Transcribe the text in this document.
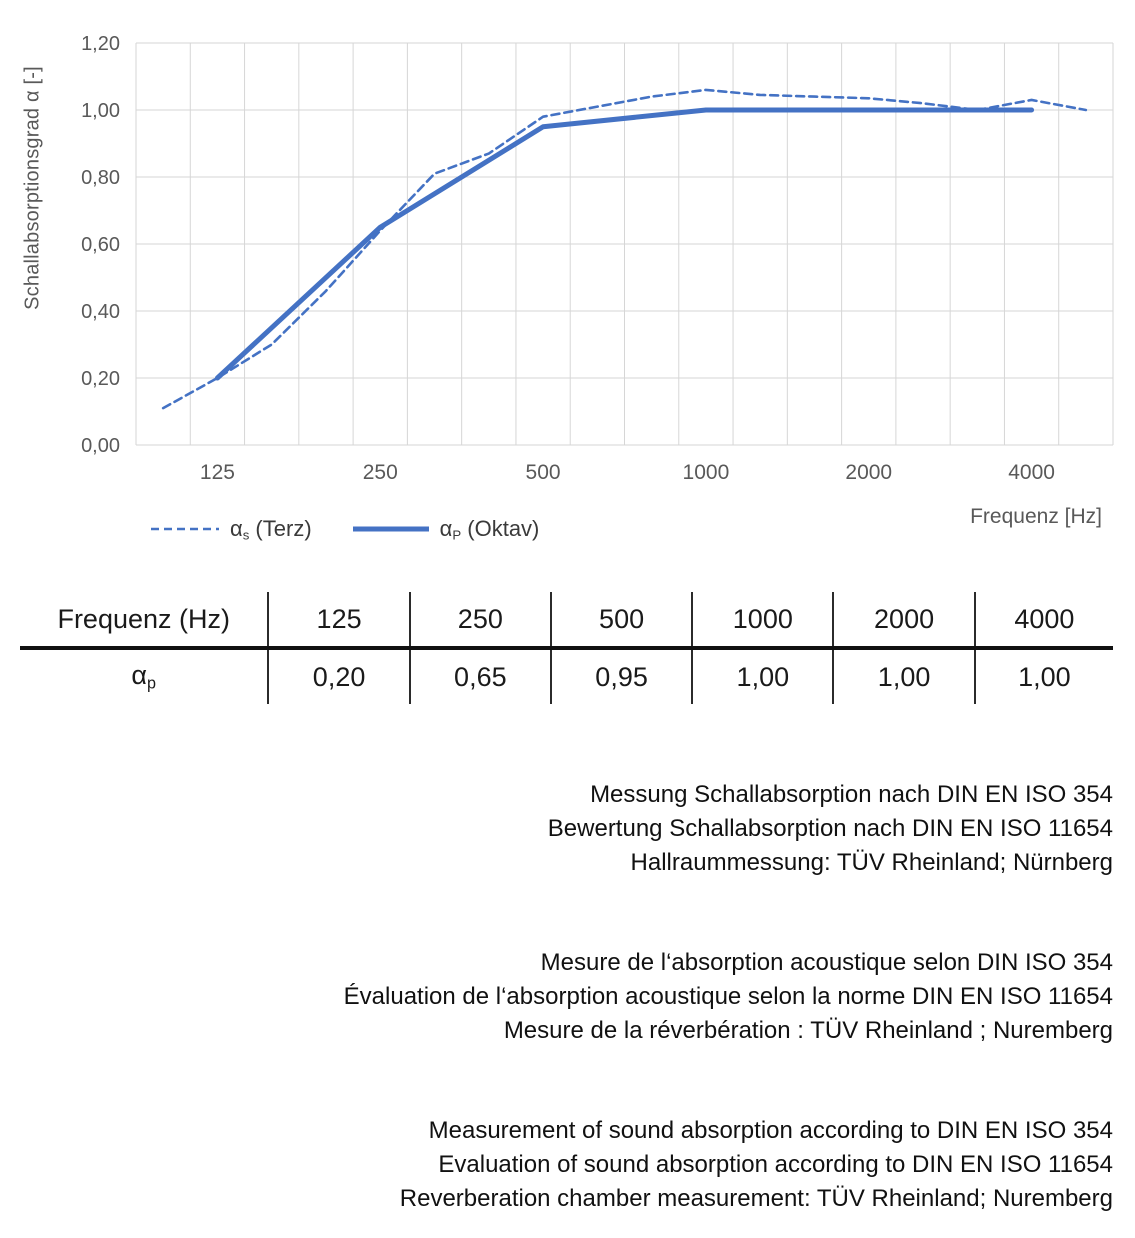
0,00
0,20
0,40
0,60
0,80
1,00
1,20
125	250	500	1000	2000	4000
Schallabsorptionsgrad α [-]
Frequenz [Hz]
$\alpha_s$ (Terz)	$\alpha_P$ (Oktav)
Frequenz (Hz)	125	250	500	1000	2000	4000
$\alpha_p$	0,20	0,65	0,95	1,00	1,00	1,00
Messung Schallabsorption nach DIN EN ISO 354
Bewertung Schallabsorption nach DIN EN ISO 11654
Hallraummessung: TÜV Rheinland; Nürnberg
Mesure de l‘absorption acoustique selon DIN ISO 354
Évaluation de l‘absorption acoustique selon la norme DIN EN ISO 11654
Mesure de la réverbération : TÜV Rheinland ; Nuremberg
Measurement of sound absorption according to DIN EN ISO 354
Evaluation of sound absorption according to DIN EN ISO 11654
Reverberation chamber measurement: TÜV Rheinland; Nuremberg
